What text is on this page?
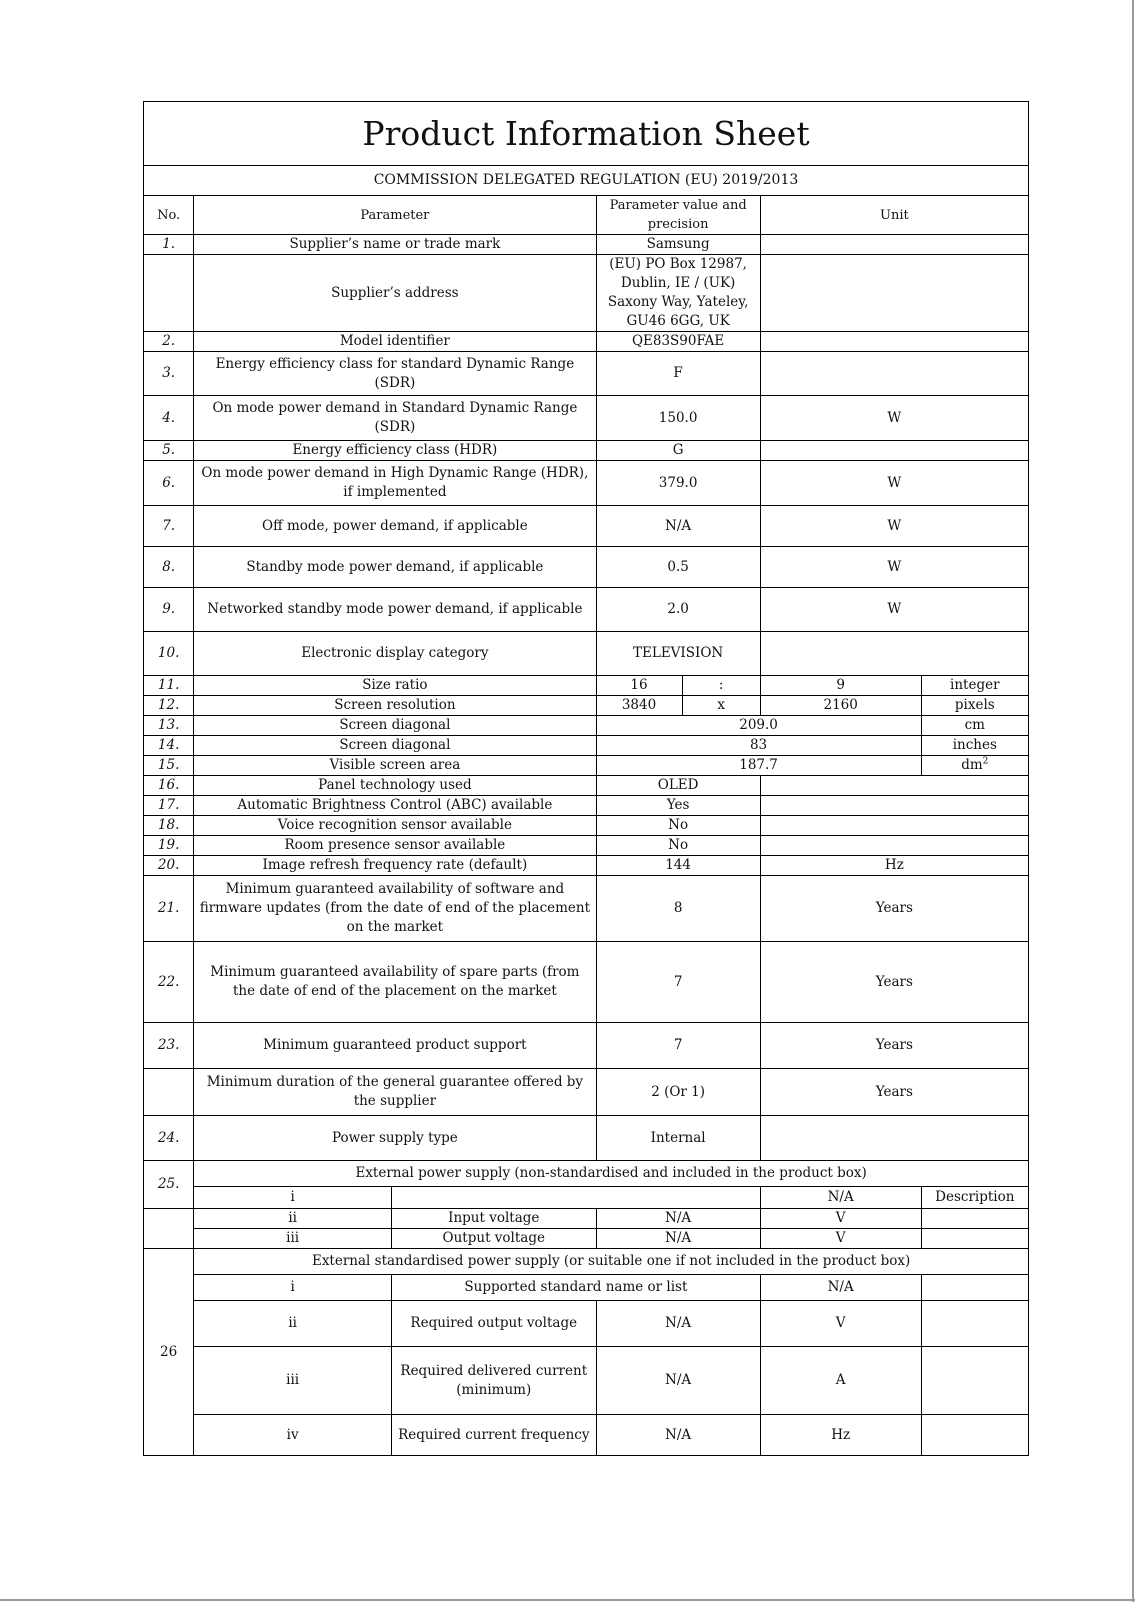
Product Information Sheet						
COMMISSION DELEGATED REGULATION (EU) 2019/2013						
No.	Parameter		Parameter value and precision		Unit	
1.	Supplier’s name or trade mark		Samsung			
	Supplier’s address		(EU) PO Box 12987, Dublin, IE / (UK) Saxony Way, Yateley, GU46 6GG, UK			
2.	Model identifier		QE83S90FAE			
3.	Energy efficiency class for standard Dynamic Range (SDR)		F			
4.	On mode power demand in Standard Dynamic Range (SDR)		150.0		W	
5.	Energy efficiency class (HDR)		G			
6.	On mode power demand in High Dynamic Range (HDR), if implemented		379.0		W	
7.	Off mode, power demand, if applicable		N/A		W	
8.	Standby mode power demand, if applicable		0.5		W	
9.	Networked standby mode power demand, if applicable		2.0		W	
10.	Electronic display category		TELEVISION			
11.	Size ratio		16	:	9	integer
12.	Screen resolution		3840	x	2160	pixels
13.	Screen diagonal		209.0			cm
14.	Screen diagonal		83			inches
15.	Visible screen area		187.7			$dm^2$
16.	Panel technology used		OLED			
17.	Automatic Brightness Control (ABC) available		Yes			
18.	Voice recognition sensor available		No			
19.	Room presence sensor available		No			
20.	Image refresh frequency rate (default)		144		Hz	
21.	Minimum guaranteed availability of software and firmware updates (from the date of end of the placement on the market		8		Years	
22.	Minimum guaranteed availability of spare parts (from the date of end of the placement on the market		7		Years	
23.	Minimum guaranteed product support		7		Years	
	Minimum duration of the general guarantee offered by the supplier		2 (Or 1)		Years	
24.	Power supply type		Internal			
25.	External power supply (non-standardised and included in the product box)					
	i				N/A	Description
	ii	Input voltage	N/A		V	
	iii	Output voltage	N/A		V	
26	External standardised power supply (or suitable one if not included in the product box)					
	i	Supported standard name or list			N/A	
	ii	Required output voltage	N/A		V	
	iii	Required delivered current (minimum)	N/A		A	
	iv	Required current frequency	N/A		Hz	
